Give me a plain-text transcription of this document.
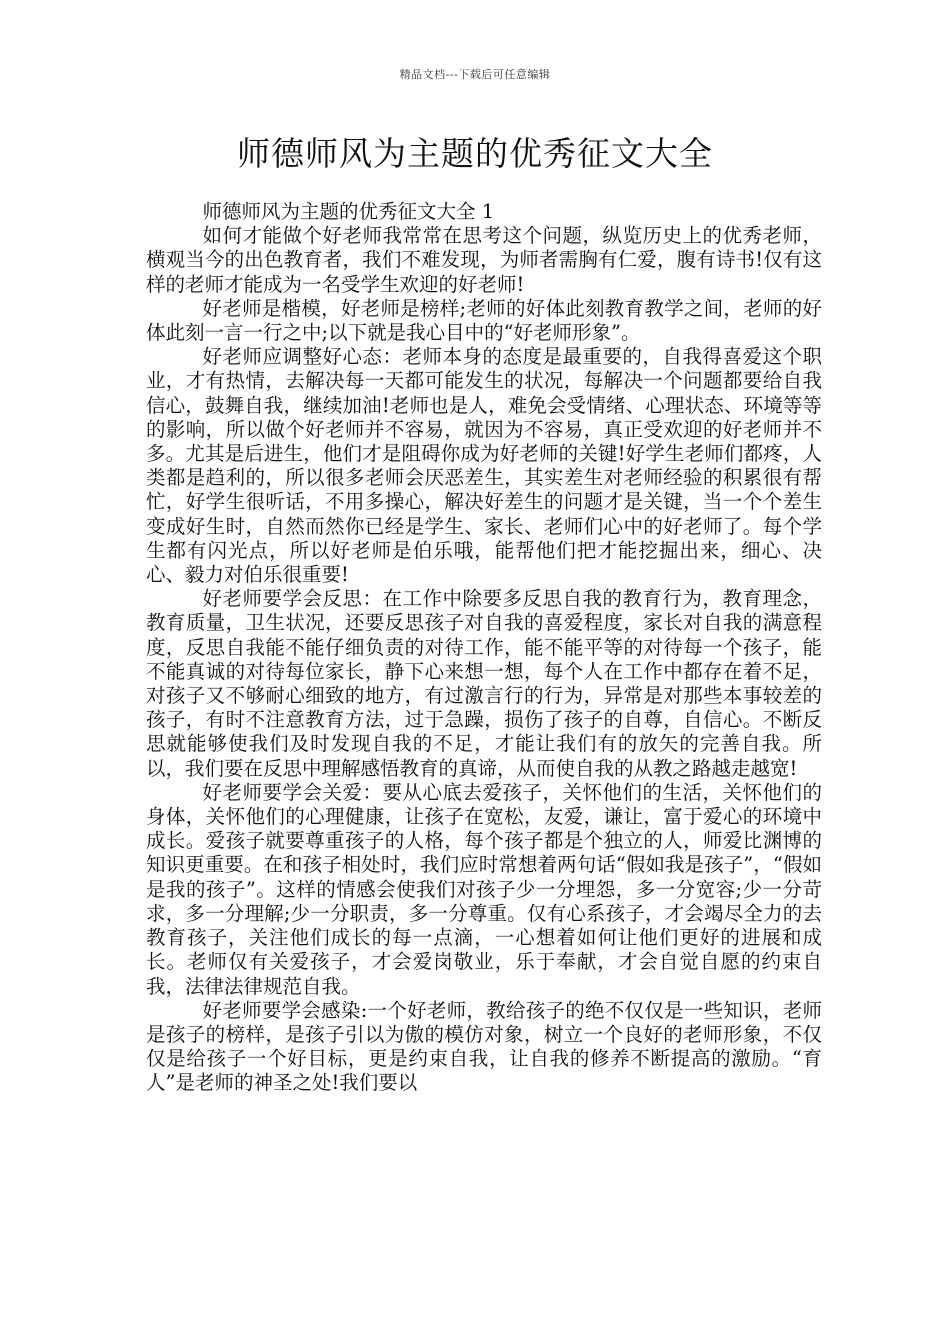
精品文档---下载后可任意编辑
师德师风为主题的优秀征文大全

师德师风为主题的优秀征文大全 1

如何才能做个好老师我常常在思考这个问题，纵览历史上的优秀老师，横观当今的出色教育者，我们不难发现，为师者需胸有仁爱，腹有诗书!仅有这样的老师才能成为一名受学生欢迎的好老师!

好老师是楷模，好老师是榜样;老师的好体此刻教育教学之间，老师的好体此刻一言一行之中;以下就是我心目中的“好老师形象”。

好老师应调整好心态：老师本身的态度是最重要的，自我得喜爱这个职业，才有热情，去解决每一天都可能发生的状况，每解决一个问题都要给自我信心，鼓舞自我，继续加油!老师也是人，难免会受情绪、心理状态、环境等等的影响，所以做个好老师并不容易，就因为不容易，真正受欢迎的好老师并不多。尤其是后进生，他们才是阻碍你成为好老师的关键!好学生老师们都疼，人类都是趋利的，所以很多老师会厌恶差生，其实差生对老师经验的积累很有帮忙，好学生很听话，不用多操心，解决好差生的问题才是关键，当一个个差生变成好生时，自然而然你已经是学生、家长、老师们心中的好老师了。每个学生都有闪光点，所以好老师是伯乐哦，能帮他们把才能挖掘出来，细心、决心、毅力对伯乐很重要!

好老师要学会反思：在工作中除要多反思自我的教育行为，教育理念，教育质量，卫生状况，还要反思孩子对自我的喜爱程度，家长对自我的满意程度，反思自我能不能仔细负责的对待工作，能不能平等的对待每一个孩子，能不能真诚的对待每位家长，静下心来想一想，每个人在工作中都存在着不足，对孩子又不够耐心细致的地方，有过激言行的行为，异常是对那些本事较差的孩子，有时不注意教育方法，过于急躁，损伤了孩子的自尊，自信心。不断反思就能够使我们及时发现自我的不足，才能让我们有的放矢的完善自我。所以，我们要在反思中理解感悟教育的真谛，从而使自我的从教之路越走越宽!

好老师要学会关爱：要从心底去爱孩子，关怀他们的生活，关怀他们的身体，关怀他们的心理健康，让孩子在宽松，友爱，谦让，富于爱心的环境中成长。爱孩子就要尊重孩子的人格，每个孩子都是个独立的人，师爱比渊博的知识更重要。在和孩子相处时，我们应时常想着两句话“假如我是孩子”，“假如是我的孩子”。这样的情感会使我们对孩子少一分埋怨，多一分宽容;少一分苛求，多一分理解;少一分职责，多一分尊重。仅有心系孩子，才会竭尽全力的去教育孩子，关注他们成长的每一点滴，一心想着如何让他们更好的进展和成长。老师仅有关爱孩子，才会爱岗敬业，乐于奉献，才会自觉自愿的约束自我，法律法律规范自我。

好老师要学会感染:一个好老师，教给孩子的绝不仅仅是一些知识，老师是孩子的榜样，是孩子引以为傲的模仿对象，树立一个良好的老师形象，不仅仅是给孩子一个好目标，更是约束自我，让自我的修养不断提高的激励。“育人”是老师的神圣之处!我们要以
